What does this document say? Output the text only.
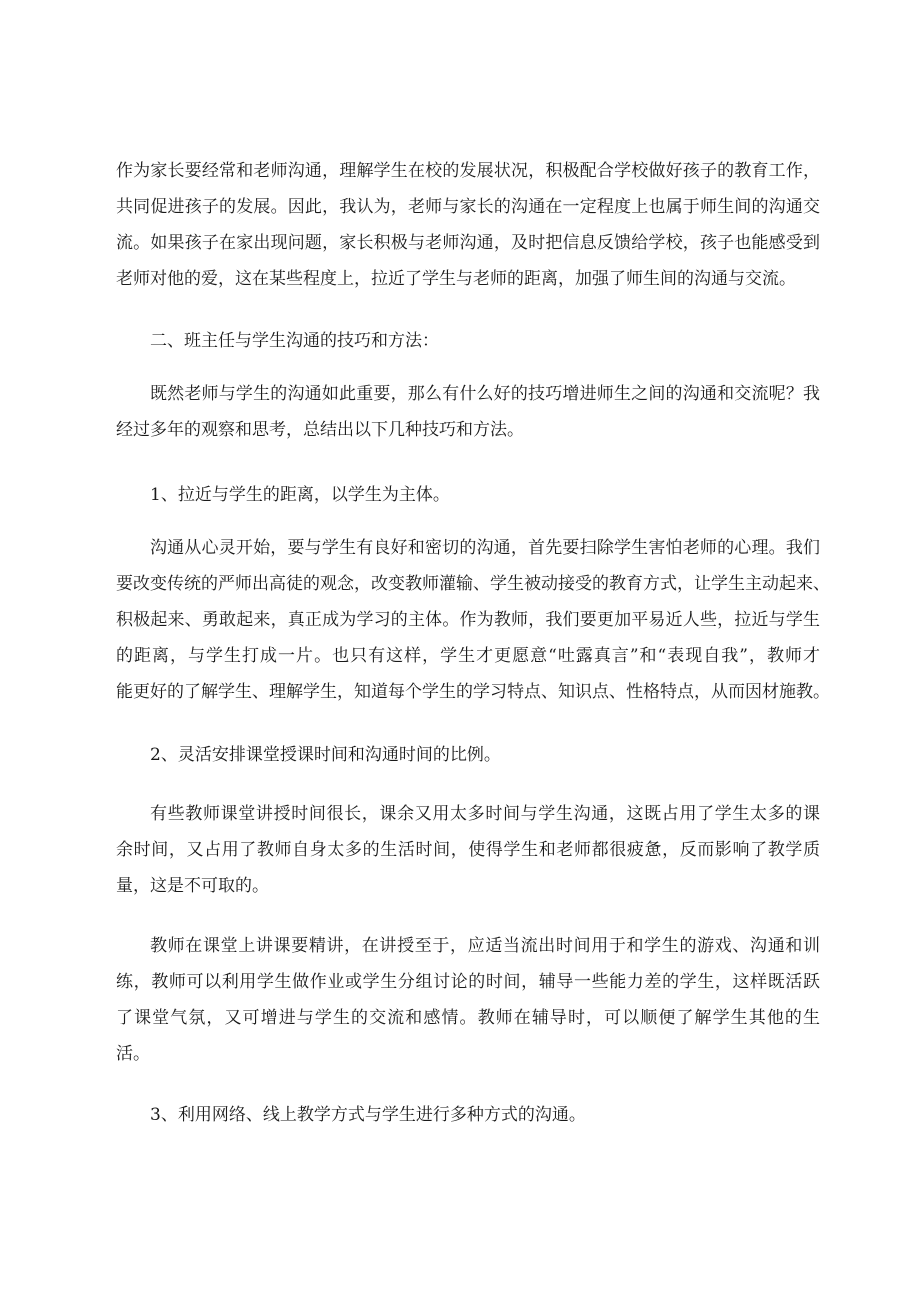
作为家长要经常和老师沟通，理解学生在校的发展状况，积极配合学校做好孩子的教育工作，
共同促进孩子的发展。因此，我认为，老师与家长的沟通在一定程度上也属于师生间的沟通交
流。如果孩子在家出现问题，家长积极与老师沟通，及时把信息反馈给学校，孩子也能感受到
老师对他的爱，这在某些程度上，拉近了学生与老师的距离，加强了师生间的沟通与交流。
二、班主任与学生沟通的技巧和方法：
既然老师与学生的沟通如此重要，那么有什么好的技巧增进师生之间的沟通和交流呢？我
经过多年的观察和思考，总结出以下几种技巧和方法。
1、拉近与学生的距离，以学生为主体。
沟通从心灵开始，要与学生有良好和密切的沟通，首先要扫除学生害怕老师的心理。我们
要改变传统的严师出高徒的观念，改变教师灌输、学生被动接受的教育方式，让学生主动起来、
积极起来、勇敢起来，真正成为学习的主体。作为教师，我们要更加平易近人些，拉近与学生
的距离，与学生打成一片。也只有这样，学生才更愿意“吐露真言”和“表现自我”，教师才
能更好的了解学生、理解学生，知道每个学生的学习特点、知识点、性格特点，从而因材施教。
2、灵活安排课堂授课时间和沟通时间的比例。
有些教师课堂讲授时间很长，课余又用太多时间与学生沟通，这既占用了学生太多的课
余时间，又占用了教师自身太多的生活时间，使得学生和老师都很疲惫，反而影响了教学质
量，这是不可取的。
教师在课堂上讲课要精讲，在讲授至于，应适当流出时间用于和学生的游戏、沟通和训
练，教师可以利用学生做作业或学生分组讨论的时间，辅导一些能力差的学生，这样既活跃
了课堂气氛，又可增进与学生的交流和感情。教师在辅导时，可以顺便了解学生其他的生
活。
3、利用网络、线上教学方式与学生进行多种方式的沟通。
